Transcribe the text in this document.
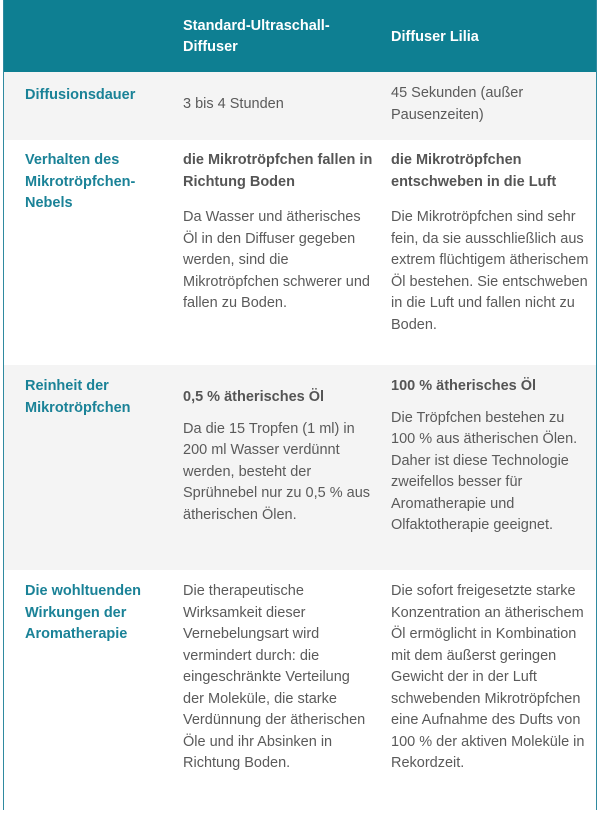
Standard-Ultraschall-Diffuser
Diffuser Lilia
Diffusionsdauer
3 bis 4 Stunden
45 Sekunden (außer Pausenzeiten)
Verhalten des Mikrotröpfchen-Nebels
die Mikrotröpfchen fallen in Richtung Boden
Da Wasser und ätherisches Öl in den Diffuser gegeben werden, sind die Mikrotröpfchen schwerer und fallen zu Boden.
die Mikrotröpfchen entschweben in die Luft
Die Mikrotröpfchen sind sehr fein, da sie ausschließlich aus extrem flüchtigem ätherischem Öl bestehen. Sie entschweben in die Luft und fallen nicht zu Boden.
Reinheit der Mikrotröpfchen
0,5 % ätherisches Öl
Da die 15 Tropfen (1 ml) in 200 ml Wasser verdünnt werden, besteht der Sprühnebel nur zu 0,5 % aus ätherischen Ölen.
100 % ätherisches Öl
Die Tröpfchen bestehen zu 100 % aus ätherischen Ölen. Daher ist diese Technologie zweifellos besser für Aromatherapie und Olfaktotherapie geeignet.
Die wohltuenden Wirkungen der Aromatherapie
Die therapeutische Wirksamkeit dieser Vernebelungsart wird vermindert durch: die eingeschränkte Verteilung der Moleküle, die starke Verdünnung der ätherischen Öle und ihr Absinken in Richtung Boden.
Die sofort freigesetzte starke Konzentration an ätherischem Öl ermöglicht in Kombination mit dem äußerst geringen Gewicht der in der Luft schwebenden Mikrotröpfchen eine Aufnahme des Dufts von 100 % der aktiven Moleküle in Rekordzeit.
